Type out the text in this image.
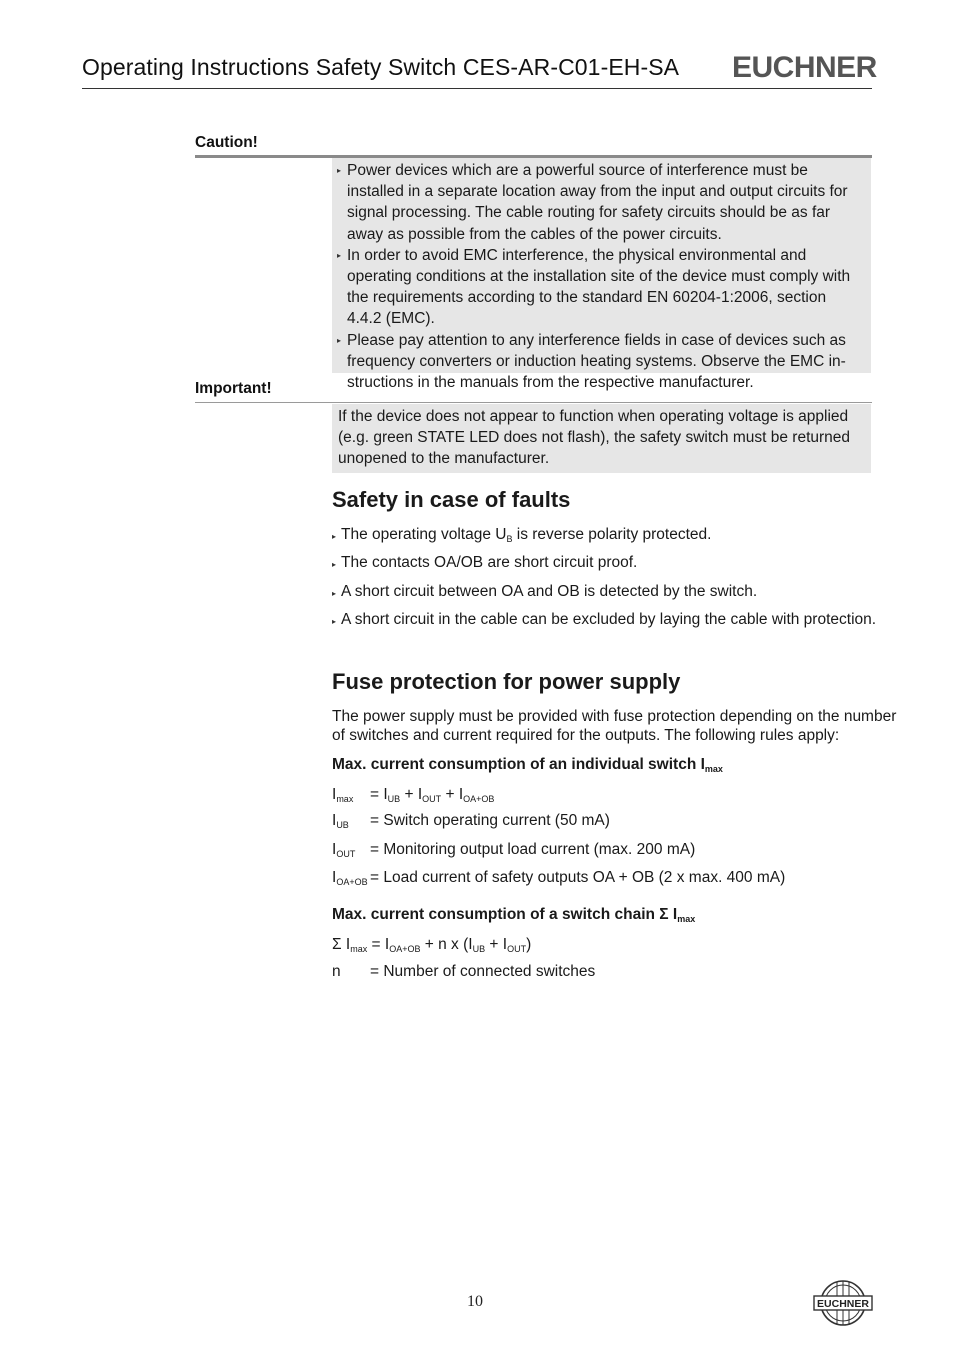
Operating Instructions Safety Switch CES-AR-C01-EH-SA EUCHNER
Caution!
▸ Power devices which are a powerful source of interference must be installed in a separate location away from the input and output circuits for signal processing. The cable routing for safety circuits should be as far away as possible from the cables of the power circuits.
▸ In order to avoid EMC interference, the physical environmental and operating conditions at the installation site of the device must comply with the requirements according to the standard EN 60204-1:2006, section 4.4.2 (EMC).
▸ Please pay attention to any interference fields in case of devices such as frequency converters or induction heating systems. Observe the EMC instructions in the manuals from the respective manufacturer.
Important!
If the device does not appear to function when operating voltage is applied (e.g. green STATE LED does not flash), the safety switch must be returned unopened to the manufacturer.
Safety in case of faults
▸ The operating voltage $U_B$ is reverse polarity protected.
▸ The contacts OA/OB are short circuit proof.
▸ A short circuit between OA and OB is detected by the switch.
▸ A short circuit in the cable can be excluded by laying the cable with protection.
Fuse protection for power supply
The power supply must be provided with fuse protection depending on the number
of switches and current required for the outputs. The following rules apply:
Max. current consumption of an individual switch $I_{max}$
$I_{max} = I_{UB} + I_{OUT} + I_{OA+OB}$
$I_{UB}$ = Switch operating current (50 mA)
$I_{OUT}$ = Monitoring output load current (max. 200 mA)
$I_{OA+OB}$ = Load current of safety outputs OA + OB (2 x max. 400 mA)
Max. current consumption of a switch chain Σ $I_{max}$
Σ $I_{max} = I_{OA+OB} + n$ x $(I_{UB} + I_{OUT})$
n = Number of connected switches
10	EUCHNER
